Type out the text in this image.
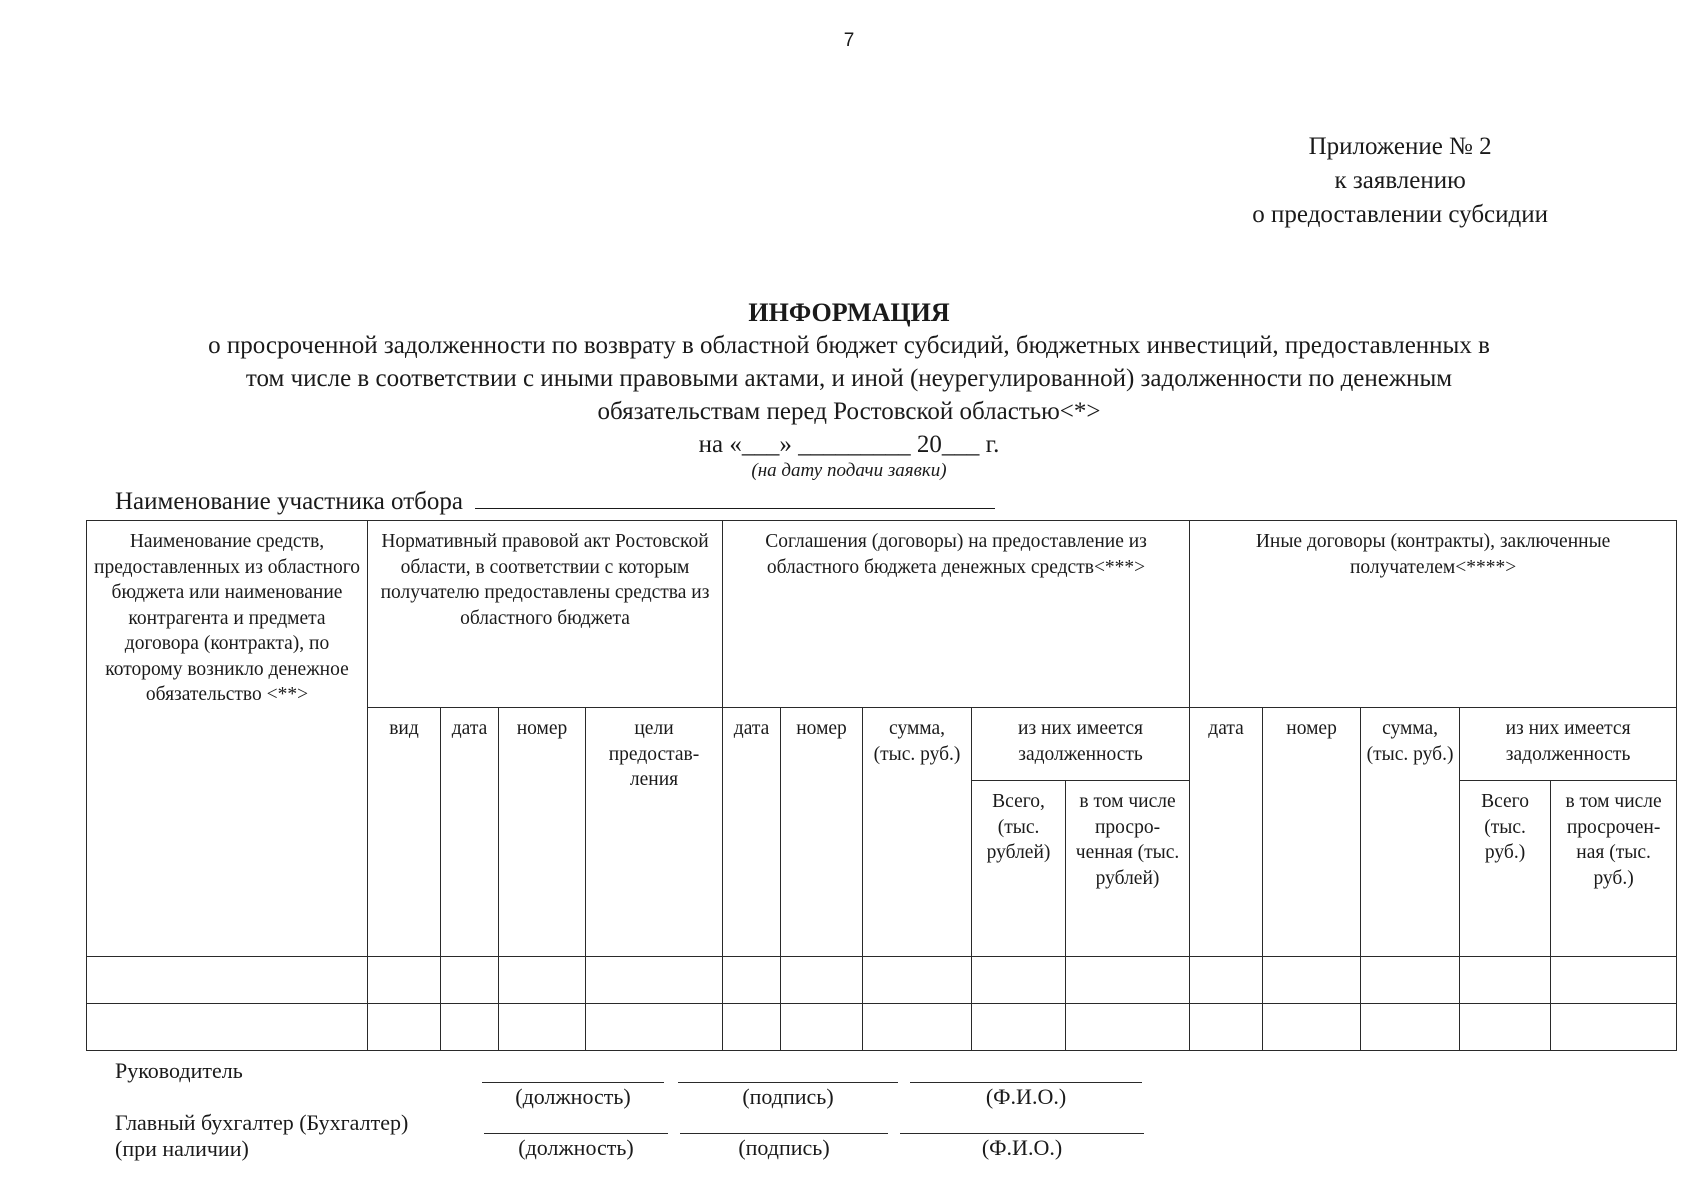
7
Приложение № 2
к заявлению
о предоставлении субсидии
ИНФОРМАЦИЯ
о просроченной задолженности по возврату в областной бюджет субсидий, бюджетных инвестиций, предоставленных в
том числе в соответствии с иными правовыми актами, и иной (неурегулированной) задолженности по денежным
обязательствам перед Ростовской областью<*>
на «___» _________ 20___ г.
(на дату подачи заявки)
Наименование участника отбора
Наименование средств, предоставленных из областного бюджета или наименование контрагента и предмета договора (контракта), по которому возникло денежное обязательство <**>	Нормативный правовой акт Ростовской области, в соответствии с которым получателю предоставлены средства из областного бюджета				Соглашения (договоры) на предоставление из областного бюджета денежных средств<***>					Иные договоры (контракты), заключенные получателем<****>				
	вид	дата	номер	цели предостав-ления	дата	номер	сумма, (тыс. руб.)	из них имеется задолженность		дата	номер	сумма, (тыс. руб.)	из них имеется задолженность	
								Всего, (тыс. рублей)	в том числе просро-ченная (тыс. рублей)				Всего (тыс. руб.)	в том числе просрочен-ная (тыс. руб.)

Руководитель
(должность)	(подпись)	(Ф.И.О.)
Главный бухгалтер (Бухгалтер)
(при наличии)	(должность)	(подпись)	(Ф.И.О.)
